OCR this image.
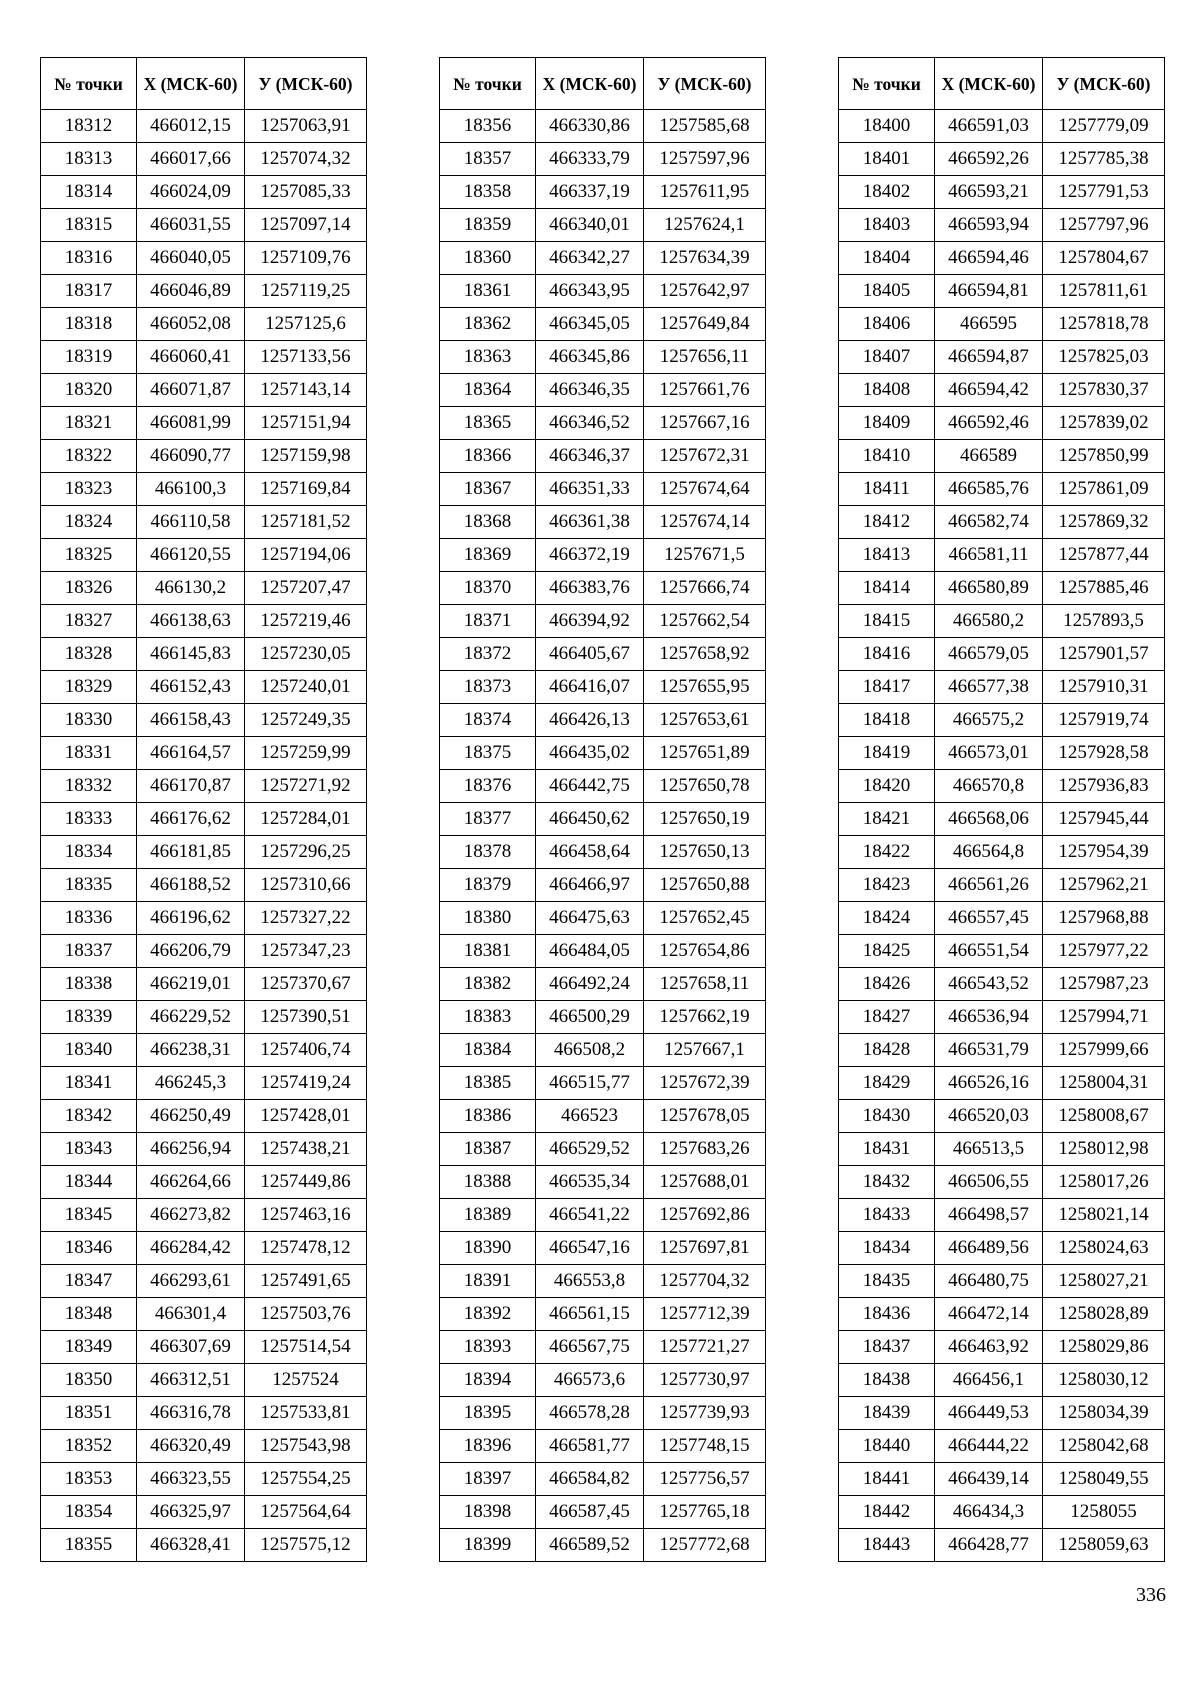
№ точки	X (МСК-60)	У (МСК-60)
18312	466012,15	1257063,91
18313	466017,66	1257074,32
18314	466024,09	1257085,33
18315	466031,55	1257097,14
18316	466040,05	1257109,76
18317	466046,89	1257119,25
18318	466052,08	1257125,6
18319	466060,41	1257133,56
18320	466071,87	1257143,14
18321	466081,99	1257151,94
18322	466090,77	1257159,98
18323	466100,3	1257169,84
18324	466110,58	1257181,52
18325	466120,55	1257194,06
18326	466130,2	1257207,47
18327	466138,63	1257219,46
18328	466145,83	1257230,05
18329	466152,43	1257240,01
18330	466158,43	1257249,35
18331	466164,57	1257259,99
18332	466170,87	1257271,92
18333	466176,62	1257284,01
18334	466181,85	1257296,25
18335	466188,52	1257310,66
18336	466196,62	1257327,22
18337	466206,79	1257347,23
18338	466219,01	1257370,67
18339	466229,52	1257390,51
18340	466238,31	1257406,74
18341	466245,3	1257419,24
18342	466250,49	1257428,01
18343	466256,94	1257438,21
18344	466264,66	1257449,86
18345	466273,82	1257463,16
18346	466284,42	1257478,12
18347	466293,61	1257491,65
18348	466301,4	1257503,76
18349	466307,69	1257514,54
18350	466312,51	1257524
18351	466316,78	1257533,81
18352	466320,49	1257543,98
18353	466323,55	1257554,25
18354	466325,97	1257564,64
18355	466328,41	1257575,12
№ точки	X (МСК-60)	У (МСК-60)
18356	466330,86	1257585,68
18357	466333,79	1257597,96
18358	466337,19	1257611,95
18359	466340,01	1257624,1
18360	466342,27	1257634,39
18361	466343,95	1257642,97
18362	466345,05	1257649,84
18363	466345,86	1257656,11
18364	466346,35	1257661,76
18365	466346,52	1257667,16
18366	466346,37	1257672,31
18367	466351,33	1257674,64
18368	466361,38	1257674,14
18369	466372,19	1257671,5
18370	466383,76	1257666,74
18371	466394,92	1257662,54
18372	466405,67	1257658,92
18373	466416,07	1257655,95
18374	466426,13	1257653,61
18375	466435,02	1257651,89
18376	466442,75	1257650,78
18377	466450,62	1257650,19
18378	466458,64	1257650,13
18379	466466,97	1257650,88
18380	466475,63	1257652,45
18381	466484,05	1257654,86
18382	466492,24	1257658,11
18383	466500,29	1257662,19
18384	466508,2	1257667,1
18385	466515,77	1257672,39
18386	466523	1257678,05
18387	466529,52	1257683,26
18388	466535,34	1257688,01
18389	466541,22	1257692,86
18390	466547,16	1257697,81
18391	466553,8	1257704,32
18392	466561,15	1257712,39
18393	466567,75	1257721,27
18394	466573,6	1257730,97
18395	466578,28	1257739,93
18396	466581,77	1257748,15
18397	466584,82	1257756,57
18398	466587,45	1257765,18
18399	466589,52	1257772,68
№ точки	X (МСК-60)	У (МСК-60)
18400	466591,03	1257779,09
18401	466592,26	1257785,38
18402	466593,21	1257791,53
18403	466593,94	1257797,96
18404	466594,46	1257804,67
18405	466594,81	1257811,61
18406	466595	1257818,78
18407	466594,87	1257825,03
18408	466594,42	1257830,37
18409	466592,46	1257839,02
18410	466589	1257850,99
18411	466585,76	1257861,09
18412	466582,74	1257869,32
18413	466581,11	1257877,44
18414	466580,89	1257885,46
18415	466580,2	1257893,5
18416	466579,05	1257901,57
18417	466577,38	1257910,31
18418	466575,2	1257919,74
18419	466573,01	1257928,58
18420	466570,8	1257936,83
18421	466568,06	1257945,44
18422	466564,8	1257954,39
18423	466561,26	1257962,21
18424	466557,45	1257968,88
18425	466551,54	1257977,22
18426	466543,52	1257987,23
18427	466536,94	1257994,71
18428	466531,79	1257999,66
18429	466526,16	1258004,31
18430	466520,03	1258008,67
18431	466513,5	1258012,98
18432	466506,55	1258017,26
18433	466498,57	1258021,14
18434	466489,56	1258024,63
18435	466480,75	1258027,21
18436	466472,14	1258028,89
18437	466463,92	1258029,86
18438	466456,1	1258030,12
18439	466449,53	1258034,39
18440	466444,22	1258042,68
18441	466439,14	1258049,55
18442	466434,3	1258055
18443	466428,77	1258059,63
336
